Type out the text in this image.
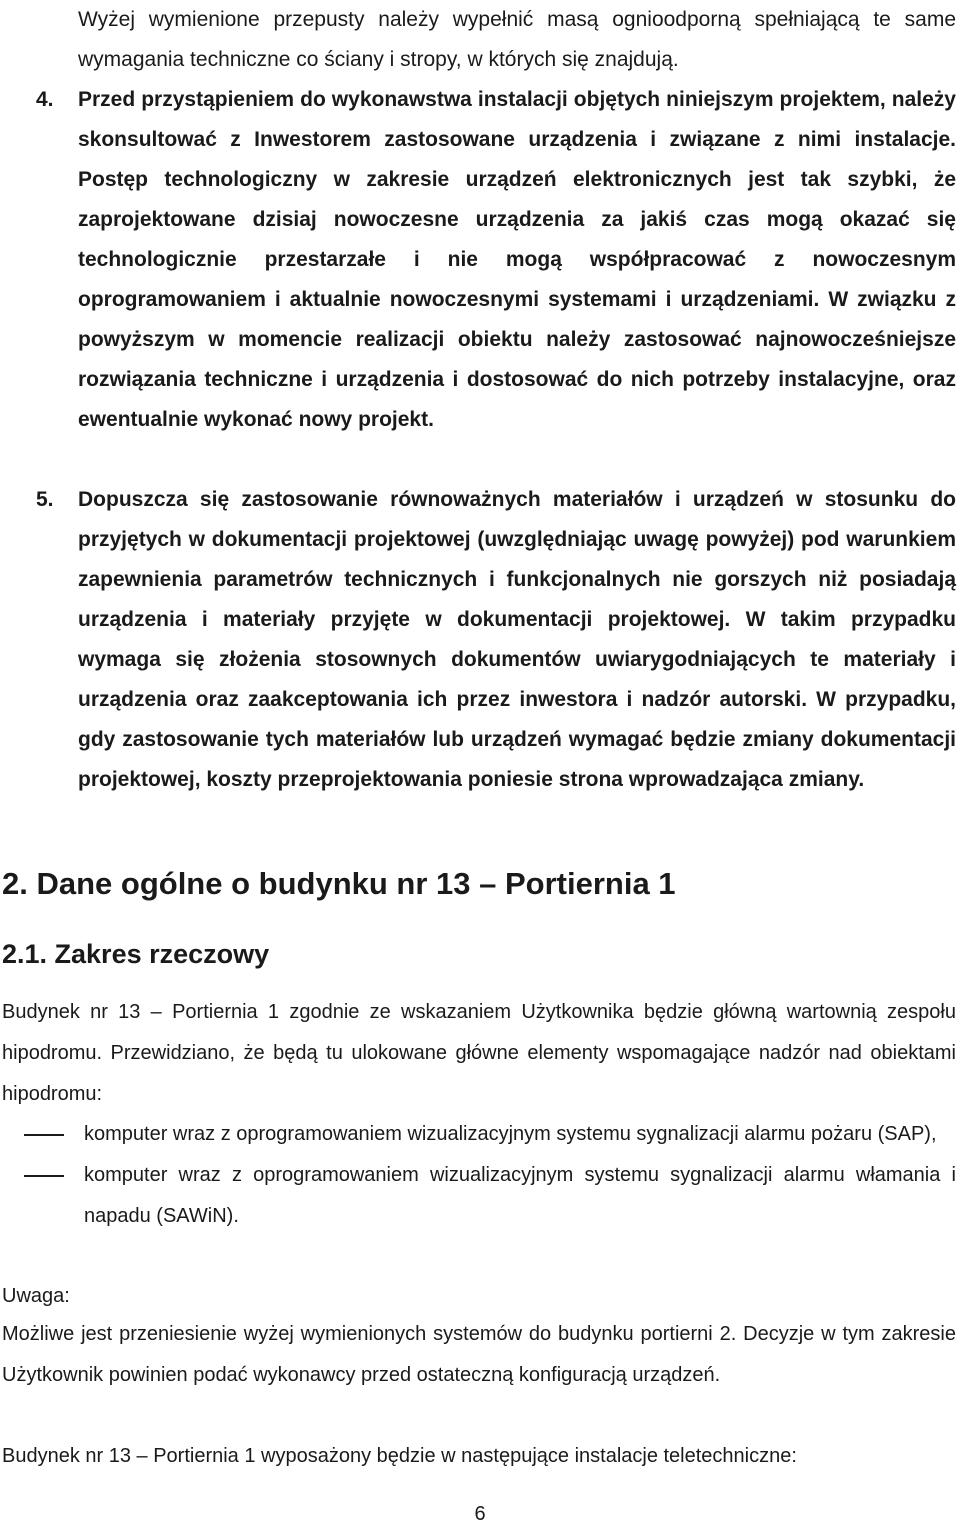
Wyżej wymienione przepusty należy wypełnić masą ognioodporną spełniającą te same wymagania techniczne co ściany i stropy, w których się znajdują.

4. Przed przystąpieniem do wykonawstwa instalacji objętych niniejszym projektem, należy skonsultować z Inwestorem zastosowane urządzenia i związane z nimi instalacje. Postęp technologiczny w zakresie urządzeń elektronicznych jest tak szybki, że zaprojektowane dzisiaj nowoczesne urządzenia za jakiś czas mogą okazać się technologicznie przestarzałe i nie mogą współpracować z nowoczesnym oprogramowaniem i aktualnie nowoczesnymi systemami i urządzeniami. W związku z powyższym w momencie realizacji obiektu należy zastosować najnowocześniejsze rozwiązania techniczne i urządzenia i dostosować do nich potrzeby instalacyjne, oraz ewentualnie wykonać nowy projekt.

5. Dopuszcza się zastosowanie równoważnych materiałów i urządzeń w stosunku do przyjętych w dokumentacji projektowej (uwzględniając uwagę powyżej) pod warunkiem zapewnienia parametrów technicznych i funkcjonalnych nie gorszych niż posiadają urządzenia i materiały przyjęte w dokumentacji projektowej. W takim przypadku wymaga się złożenia stosownych dokumentów uwiarygodniających te materiały i urządzenia oraz zaakceptowania ich przez inwestora i nadzór autorski. W przypadku, gdy zastosowanie tych materiałów lub urządzeń wymagać będzie zmiany dokumentacji projektowej, koszty przeprojektowania poniesie strona wprowadzająca zmiany.

2. Dane ogólne o budynku nr 13 – Portiernia 1
2.1. Zakres rzeczowy

Budynek nr 13 – Portiernia 1 zgodnie ze wskazaniem Użytkownika będzie główną wartownią zespołu hipodromu. Przewidziano, że będą tu ulokowane główne elementy wspomagające nadzór nad obiektami hipodromu:

komputer wraz z oprogramowaniem wizualizacyjnym systemu sygnalizacji alarmu pożaru (SAP),

komputer wraz z oprogramowaniem wizualizacyjnym systemu sygnalizacji alarmu włamania i napadu (SAWiN).

Uwaga:

Możliwe jest przeniesienie wyżej wymienionych systemów do budynku portierni 2. Decyzje w tym zakresie Użytkownik powinien podać wykonawcy przed ostateczną konfiguracją urządzeń.

Budynek nr 13 – Portiernia 1 wyposażony będzie w następujące instalacje teletechniczne:

6
